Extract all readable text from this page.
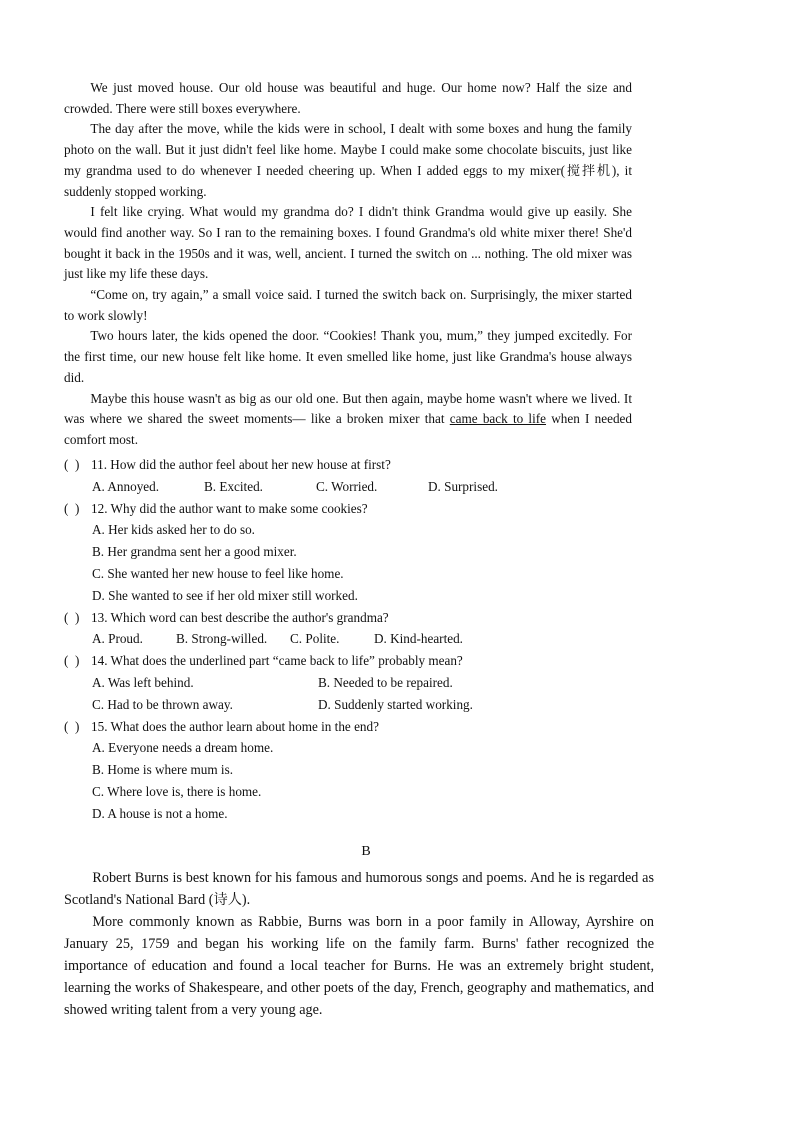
We just moved house. Our old house was beautiful and huge. Our home now? Half the size and crowded. There were still boxes everywhere.

The day after the move, while the kids were in school, I dealt with some boxes and hung the family photo on the wall. But it just didn't feel like home. Maybe I could make some chocolate biscuits, just like my grandma used to do whenever I needed cheering up. When I added eggs to my mixer(搅拌机), it suddenly stopped working.

I felt like crying. What would my grandma do? I didn't think Grandma would give up easily. She would find another way. So I ran to the remaining boxes. I found Grandma's old white mixer there! She'd bought it back in the 1950s and it was, well, ancient. I turned the switch on ... nothing. The old mixer was just like my life these days.

“Come on, try again,” a small voice said. I turned the switch back on. Surprisingly, the mixer started to work slowly!

Two hours later, the kids opened the door. “Cookies! Thank you, mum,” they jumped excitedly. For the first time, our new house felt like home. It even smelled like home, just like Grandma's house always did.

Maybe this house wasn't as big as our old one. But then again, maybe home wasn't where we lived. It was where we shared the sweet moments— like a broken mixer that came back to life when I needed comfort most.

(  ) 11. How did the author feel about her new house at first?
A. Annoyed.	B. Excited.	C. Worried.	D. Surprised.
(  ) 12. Why did the author want to make some cookies?
A. Her kids asked her to do so.
B. Her grandma sent her a good mixer.
C. She wanted her new house to feel like home.
D. She wanted to see if her old mixer still worked.
(  ) 13. Which word can best describe the author's grandma?
A. Proud.	B. Strong-willed.	C. Polite.	D. Kind-hearted.
(  ) 14. What does the underlined part “came back to life” probably mean?
A. Was left behind.	B. Needed to be repaired.
C. Had to be thrown away.	D. Suddenly started working.
(  ) 15. What does the author learn about home in the end?
A. Everyone needs a dream home.
B. Home is where mum is.
C. Where love is, there is home.
D. A house is not a home.
B

Robert Burns is best known for his famous and humorous songs and poems. And he is regarded as Scotland's National Bard (诗人).

More commonly known as Rabbie, Burns was born in a poor family in Alloway, Ayrshire on January 25, 1759 and began his working life on the family farm. Burns' father recognized the importance of education and found a local teacher for Burns. He was an extremely bright student, learning the works of Shakespeare, and other poets of the day, French, geography and mathematics, and showed writing talent from a very young age.
